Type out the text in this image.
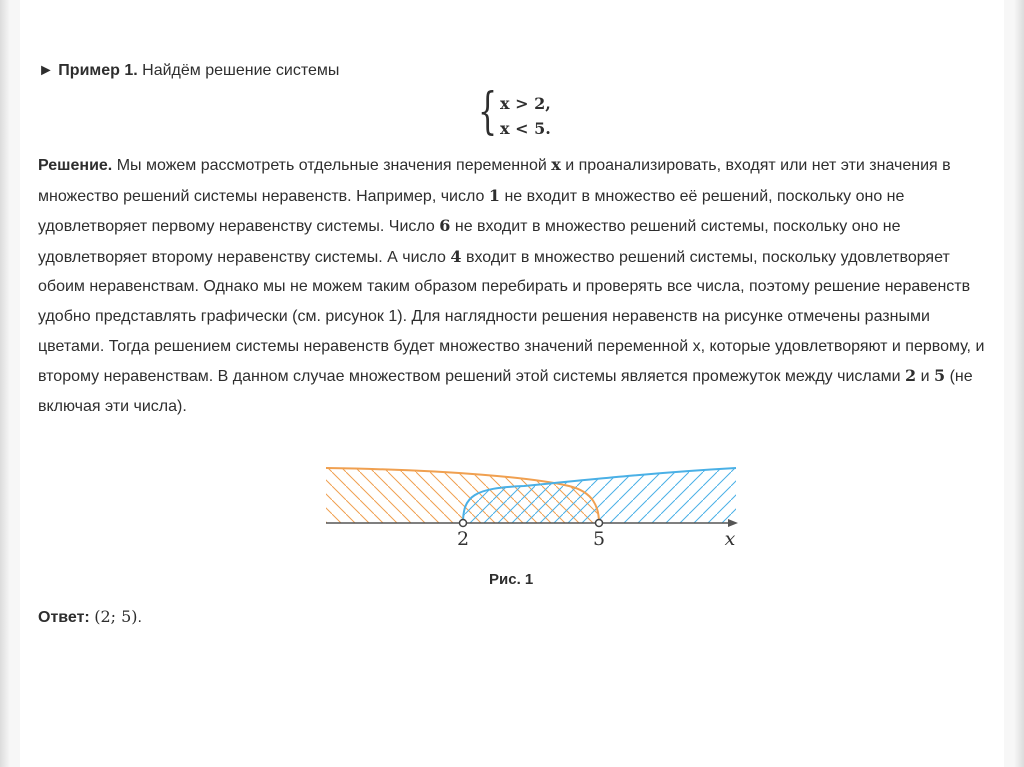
► Пример 1. Найдём решение системы
{ x > 2,
x < 5.
Решение. Мы можем рассмотреть отдельные значения переменной x и проанализировать, входят или нет эти значения в множество решений системы неравенств. Например, число 1 не входит в множество её решений, поскольку оно не удовлетворяет первому неравенству системы. Число 6 не входит в множество решений системы, поскольку оно не удовлетворяет второму неравенству системы. А число 4 входит в множество решений системы, поскольку удовлетворяет обоим неравенствам. Однако мы не можем таким образом перебирать и проверять все числа, поэтому решение неравенств удобно представлять графически (см. рисунок 1). Для наглядности решения неравенств на рисунке отмечены разными цветами. Тогда решением системы неравенств будет множество значений переменной x, которые удовлетворяют и первому, и второму неравенствам. В данном случае множеством решений этой системы является промежуток между числами 2 и 5 (не включая эти числа).
2	5	x
Рис. 1
Ответ: (2; 5).
